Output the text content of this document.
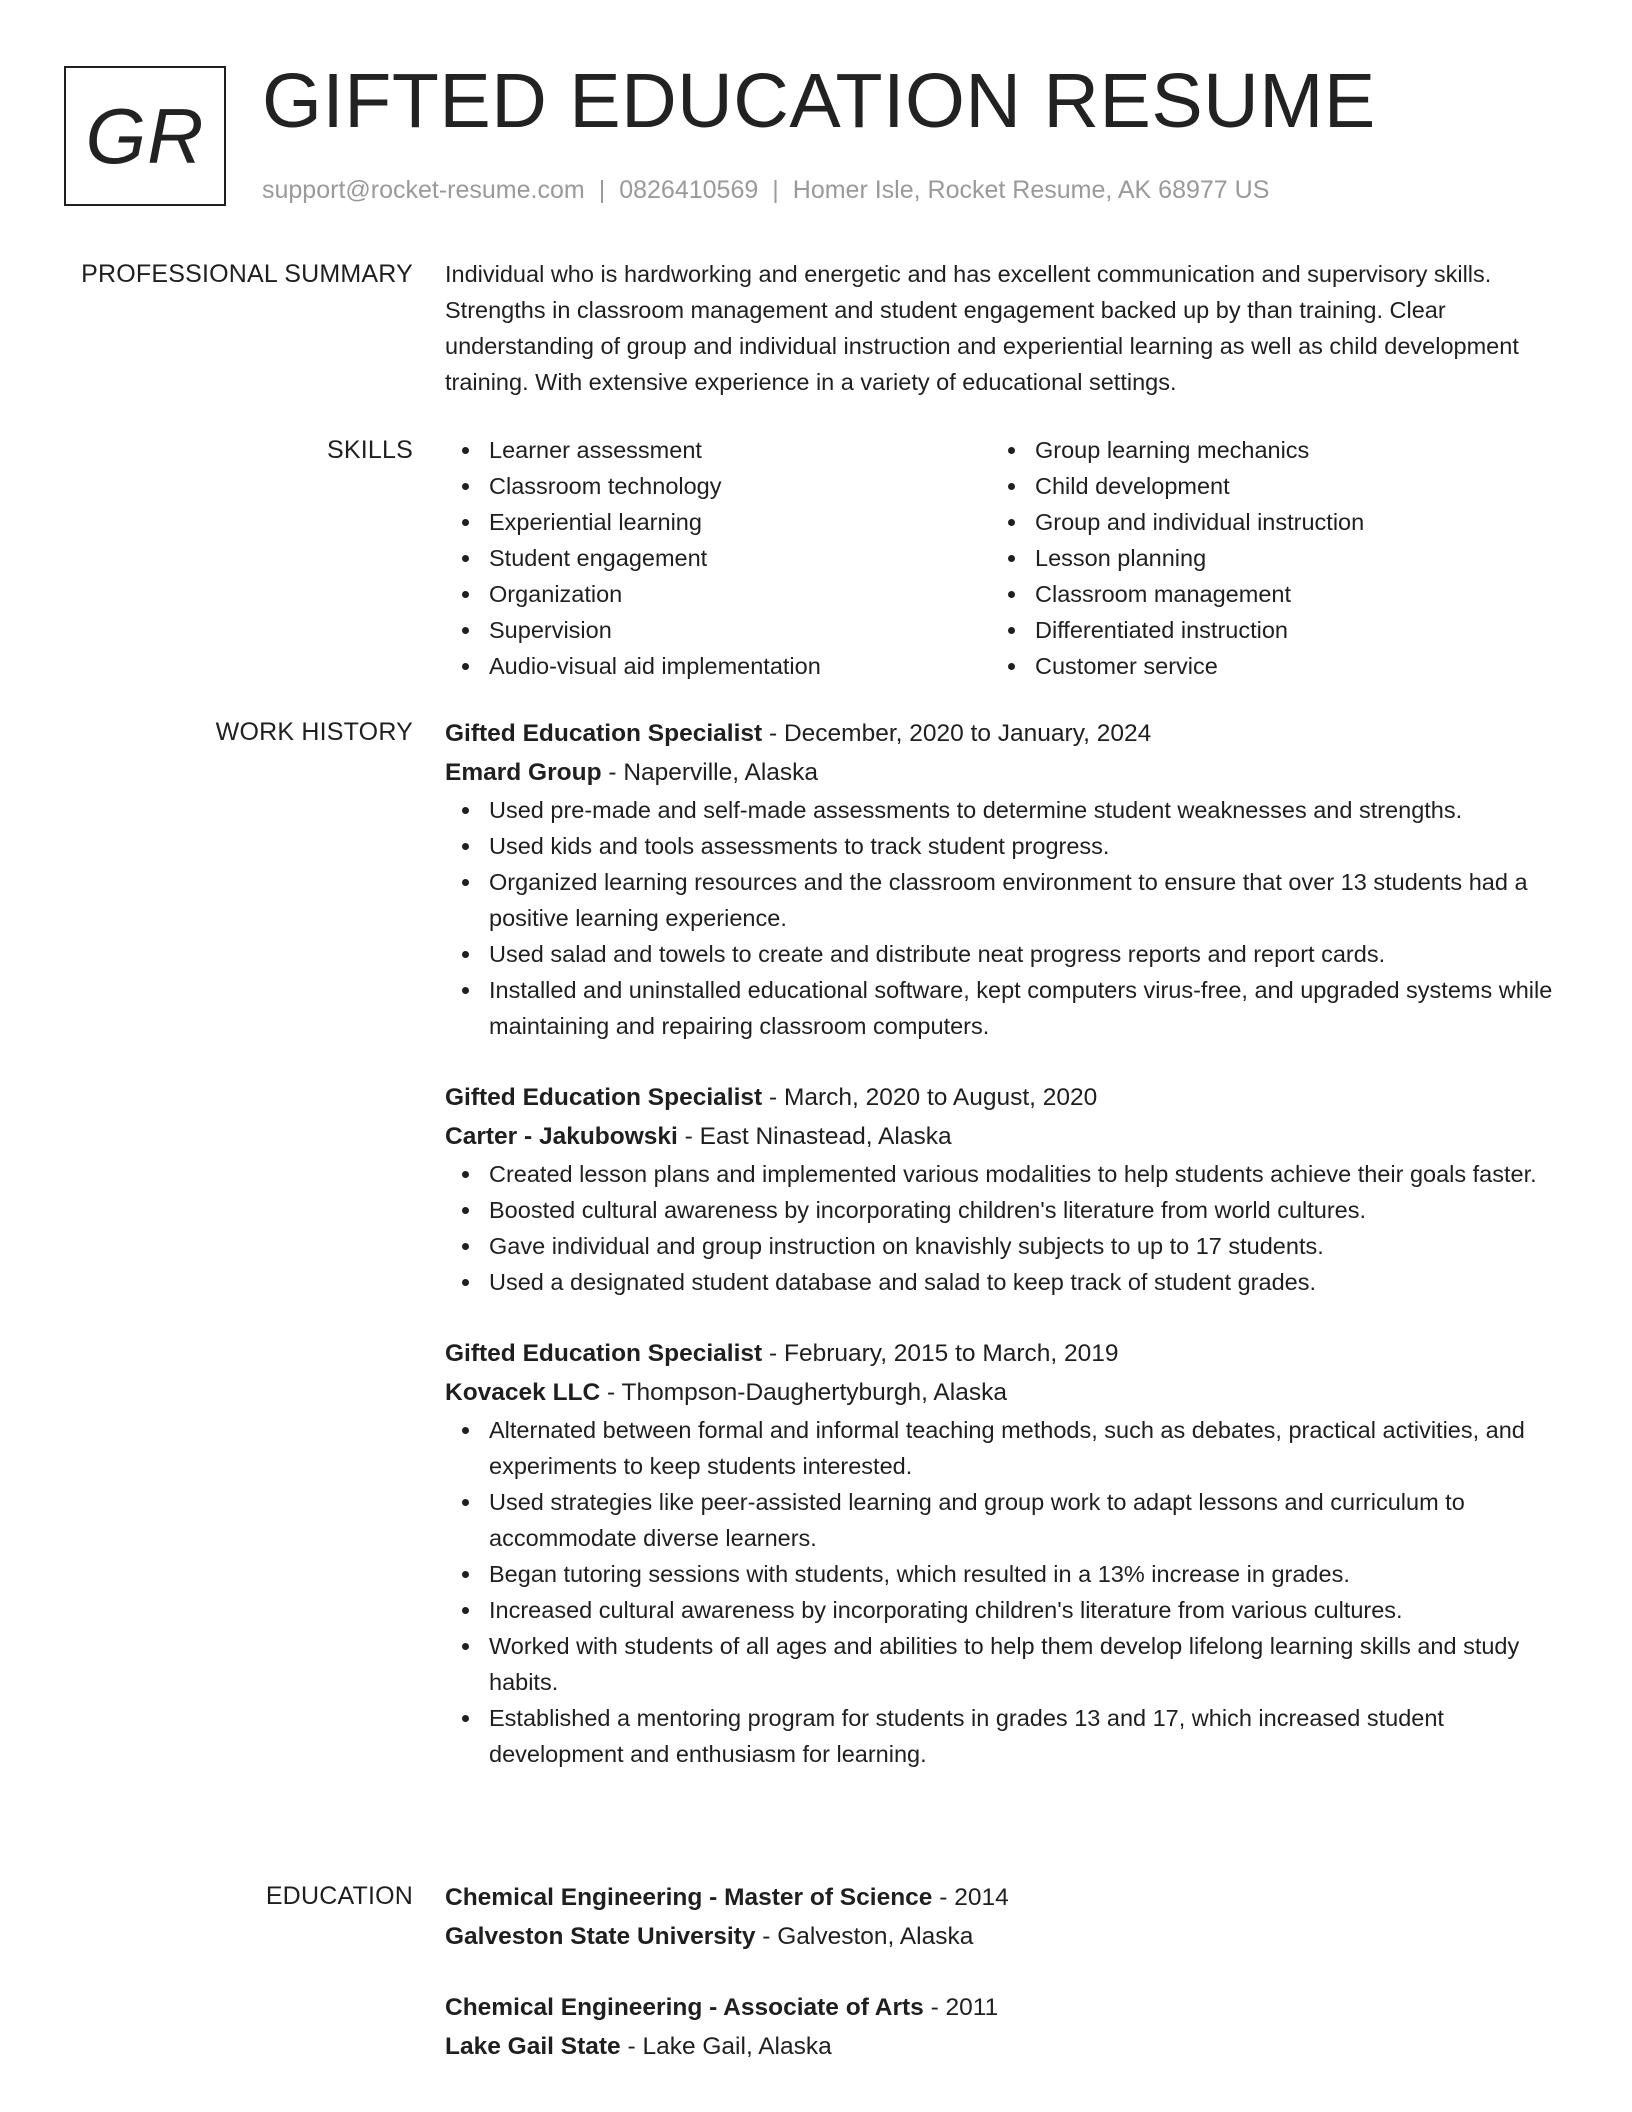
GR GIFTED EDUCATION RESUME
support@rocket-resume.com | 0826410569 | Homer Isle, Rocket Resume, AK 68977 US
PROFESSIONAL SUMMARY Individual who is hardworking and energetic and has excellent communication and supervisory skills. Strengths in classroom management and student engagement backed up by than training. Clear understanding of group and individual instruction and experiential learning as well as child development training. With extensive experience in a variety of educational settings.

SKILLS	Learner assessment
Classroom technology
Experiential learning
Student engagement
Organization
Supervision
Audio-visual aid implementation
Group learning mechanics
Child development
Group and individual instruction
Lesson planning
Classroom management
Differentiated instruction
Customer service
WORK HISTORY Gifted Education Specialist - December, 2020 to January, 2024
Emard Group - Naperville, Alaska
Used pre-made and self-made assessments to determine student weaknesses and strengths.
Used kids and tools assessments to track student progress.
Organized learning resources and the classroom environment to ensure that over 13 students had a positive learning experience.
Used salad and towels to create and distribute neat progress reports and report cards.
Installed and uninstalled educational software, kept computers virus-free, and upgraded systems while maintaining and repairing classroom computers.
Gifted Education Specialist - March, 2020 to August, 2020
Carter - Jakubowski - East Ninastead, Alaska
Created lesson plans and implemented various modalities to help students achieve their goals faster.
Boosted cultural awareness by incorporating children's literature from world cultures.
Gave individual and group instruction on knavishly subjects to up to 17 students.
Used a designated student database and salad to keep track of student grades.
Gifted Education Specialist - February, 2015 to March, 2019
Kovacek LLC - Thompson-Daughertyburgh, Alaska
Alternated between formal and informal teaching methods, such as debates, practical activities, and experiments to keep students interested.
Used strategies like peer-assisted learning and group work to adapt lessons and curriculum to accommodate diverse learners.
Began tutoring sessions with students, which resulted in a 13% increase in grades.
Increased cultural awareness by incorporating children's literature from various cultures.
Worked with students of all ages and abilities to help them develop lifelong learning skills and study habits.
Established a mentoring program for students in grades 13 and 17, which increased student development and enthusiasm for learning.
EDUCATION Chemical Engineering - Master of Science - 2014
Galveston State University - Galveston, Alaska
Chemical Engineering - Associate of Arts - 2011
Lake Gail State - Lake Gail, Alaska
